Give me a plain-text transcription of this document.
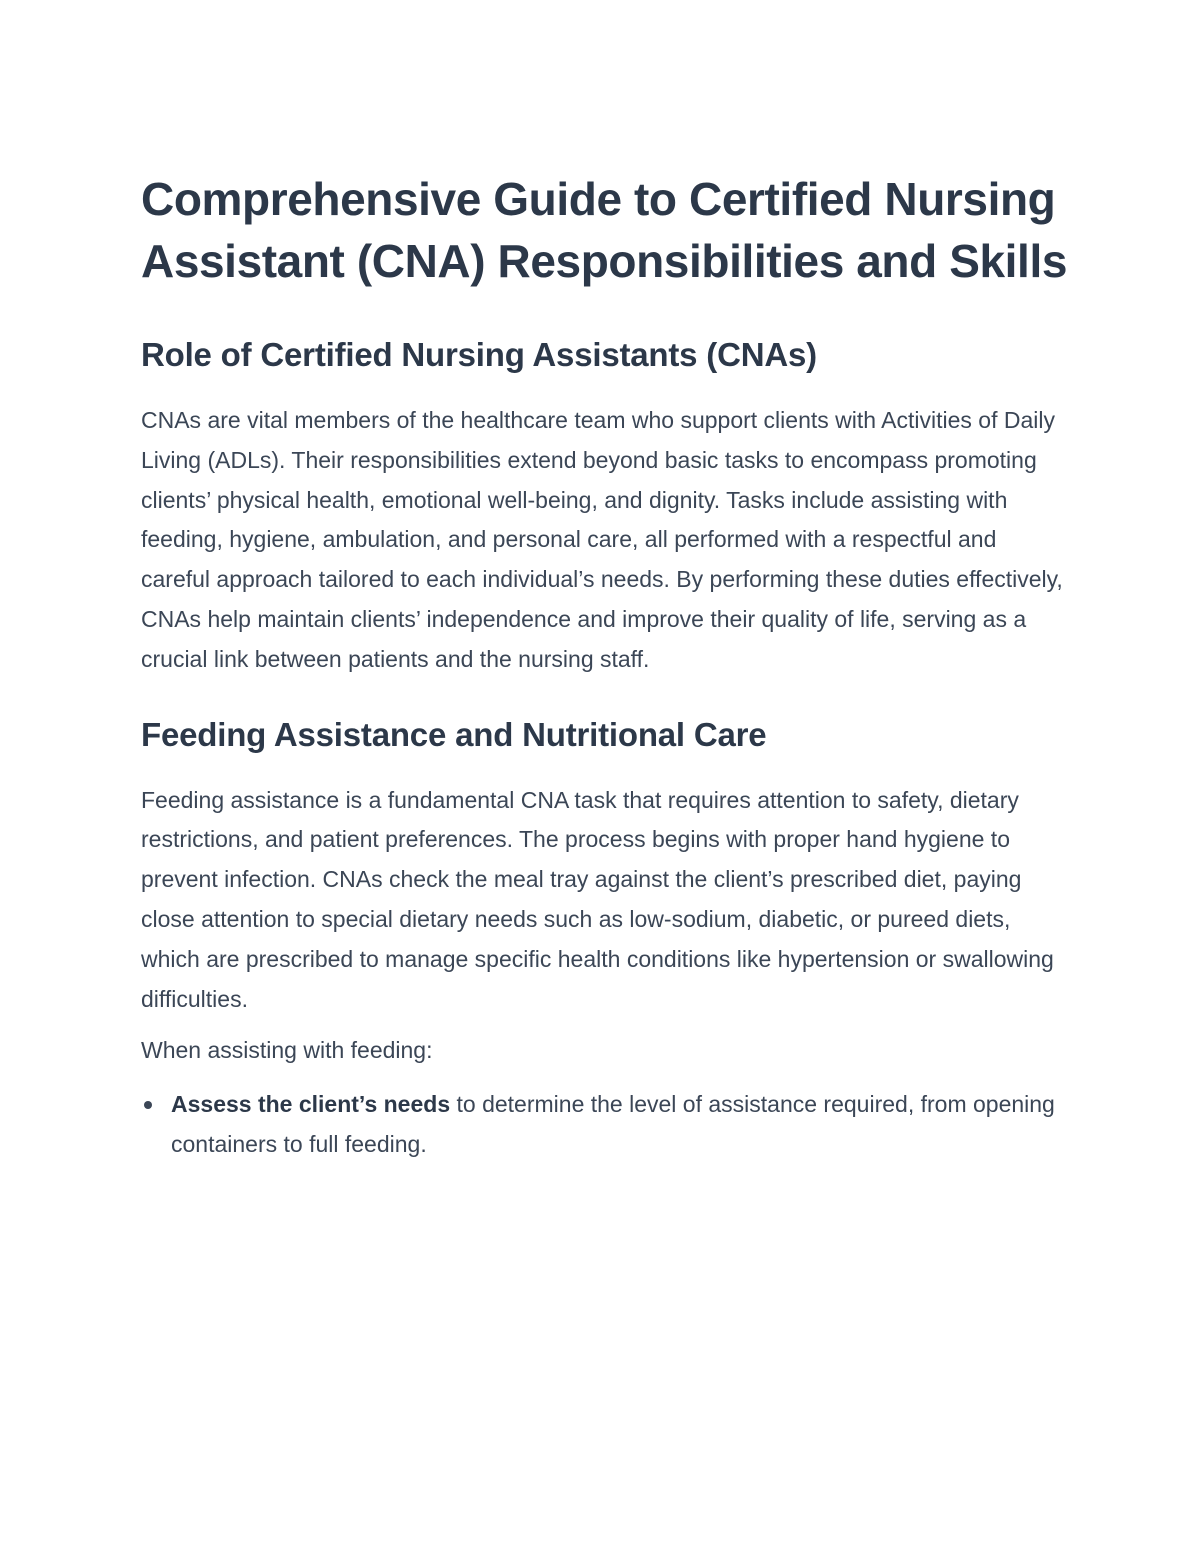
Comprehensive Guide to Certified Nursing Assistant (CNA) Responsibilities and Skills
Role of Certified Nursing Assistants (CNAs)

CNAs are vital members of the healthcare team who support clients with Activities of Daily Living (ADLs). Their responsibilities extend beyond basic tasks to encompass promoting clients’ physical health, emotional well-being, and dignity. Tasks include assisting with feeding, hygiene, ambulation, and personal care, all performed with a respectful and careful approach tailored to each individual’s needs. By performing these duties effectively, CNAs help maintain clients’ independence and improve their quality of life, serving as a crucial link between patients and the nursing staff.

Feeding Assistance and Nutritional Care

Feeding assistance is a fundamental CNA task that requires attention to safety, dietary restrictions, and patient preferences. The process begins with proper hand hygiene to prevent infection. CNAs check the meal tray against the client’s prescribed diet, paying close attention to special dietary needs such as low-sodium, diabetic, or pureed diets, which are prescribed to manage specific health conditions like hypertension or swallowing difficulties.

When assisting with feeding:

Assess the client’s needs to determine the level of assistance required, from opening containers to full feeding.
